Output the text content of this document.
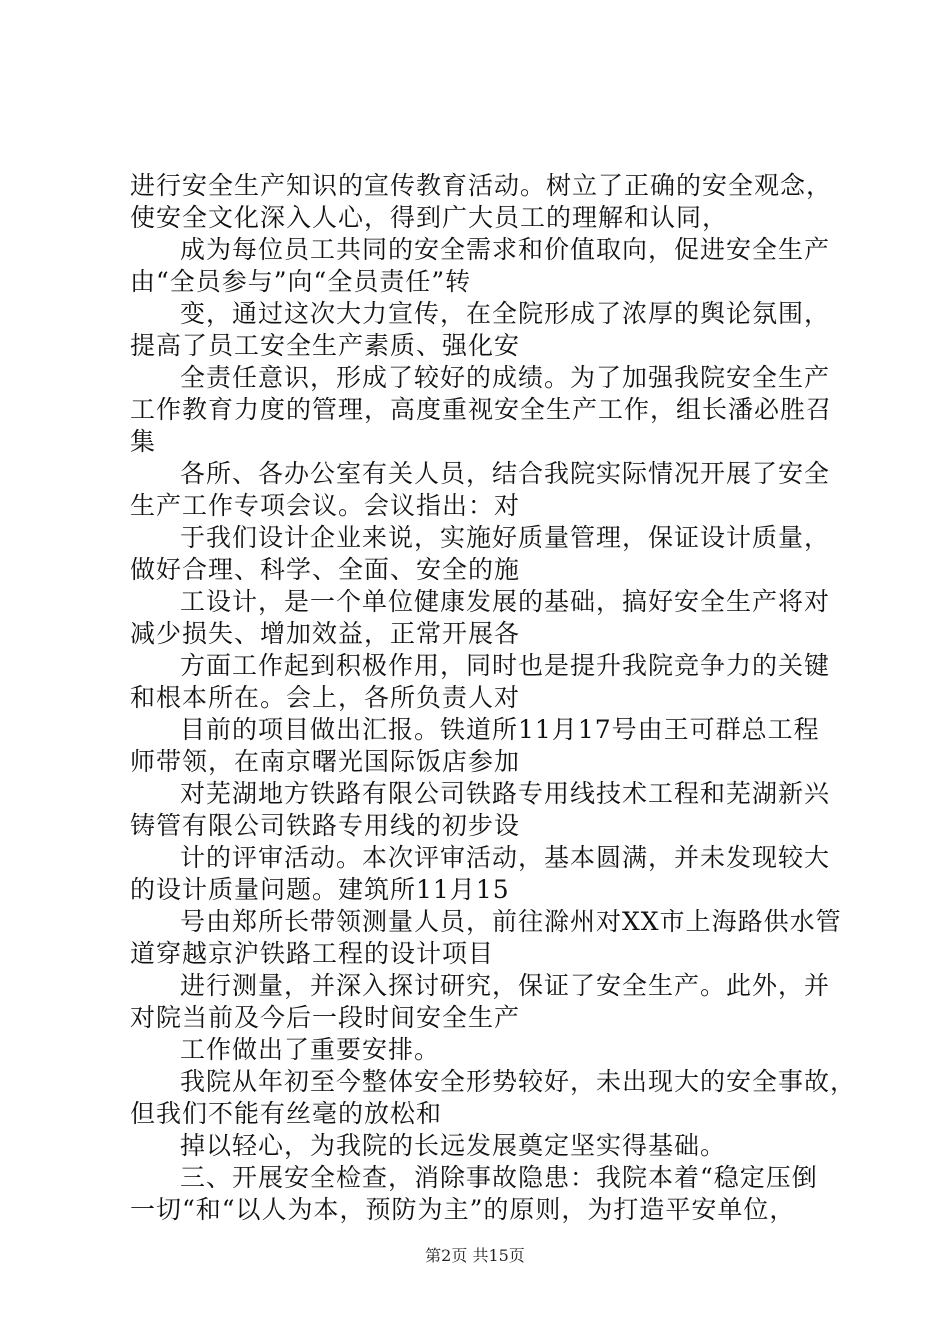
进行安全生产知识的宣传教育活动。树立了正确的安全观念，
使安全文化深入人心，得到广大员工的理解和认同，
成为每位员工共同的安全需求和价值取向，促进安全生产
由“全员参与”向“全员责任”转
变，通过这次大力宣传，在全院形成了浓厚的舆论氛围，
提高了员工安全生产素质、强化安
全责任意识，形成了较好的成绩。为了加强我院安全生产
工作教育力度的管理，高度重视安全生产工作，组长潘必胜召
集
各所、各办公室有关人员，结合我院实际情况开展了安全
生产工作专项会议。会议指出：对
于我们设计企业来说，实施好质量管理，保证设计质量，
做好合理、科学、全面、安全的施
工设计，是一个单位健康发展的基础，搞好安全生产将对
减少损失、增加效益，正常开展各
方面工作起到积极作用，同时也是提升我院竞争力的关键
和根本所在。会上，各所负责人对
目前的项目做出汇报。铁道所11月17号由王可群总工程
师带领，在南京曙光国际饭店参加
对芜湖地方铁路有限公司铁路专用线技术工程和芜湖新兴
铸管有限公司铁路专用线的初步设
计的评审活动。本次评审活动，基本圆满，并未发现较大
的设计质量问题。建筑所11月15
号由郑所长带领测量人员，前往滁州对XX市上海路供水管
道穿越京沪铁路工程的设计项目
进行测量，并深入探讨研究，保证了安全生产。此外，并
对院当前及今后一段时间安全生产
工作做出了重要安排。
我院从年初至今整体安全形势较好，未出现大的安全事故，
但我们不能有丝毫的放松和
掉以轻心，为我院的长远发展奠定坚实得基础。
三、开展安全检查，消除事故隐患：我院本着“稳定压倒
一切“和“以人为本，预防为主”的原则，为打造平安单位，
第2页 共15页
